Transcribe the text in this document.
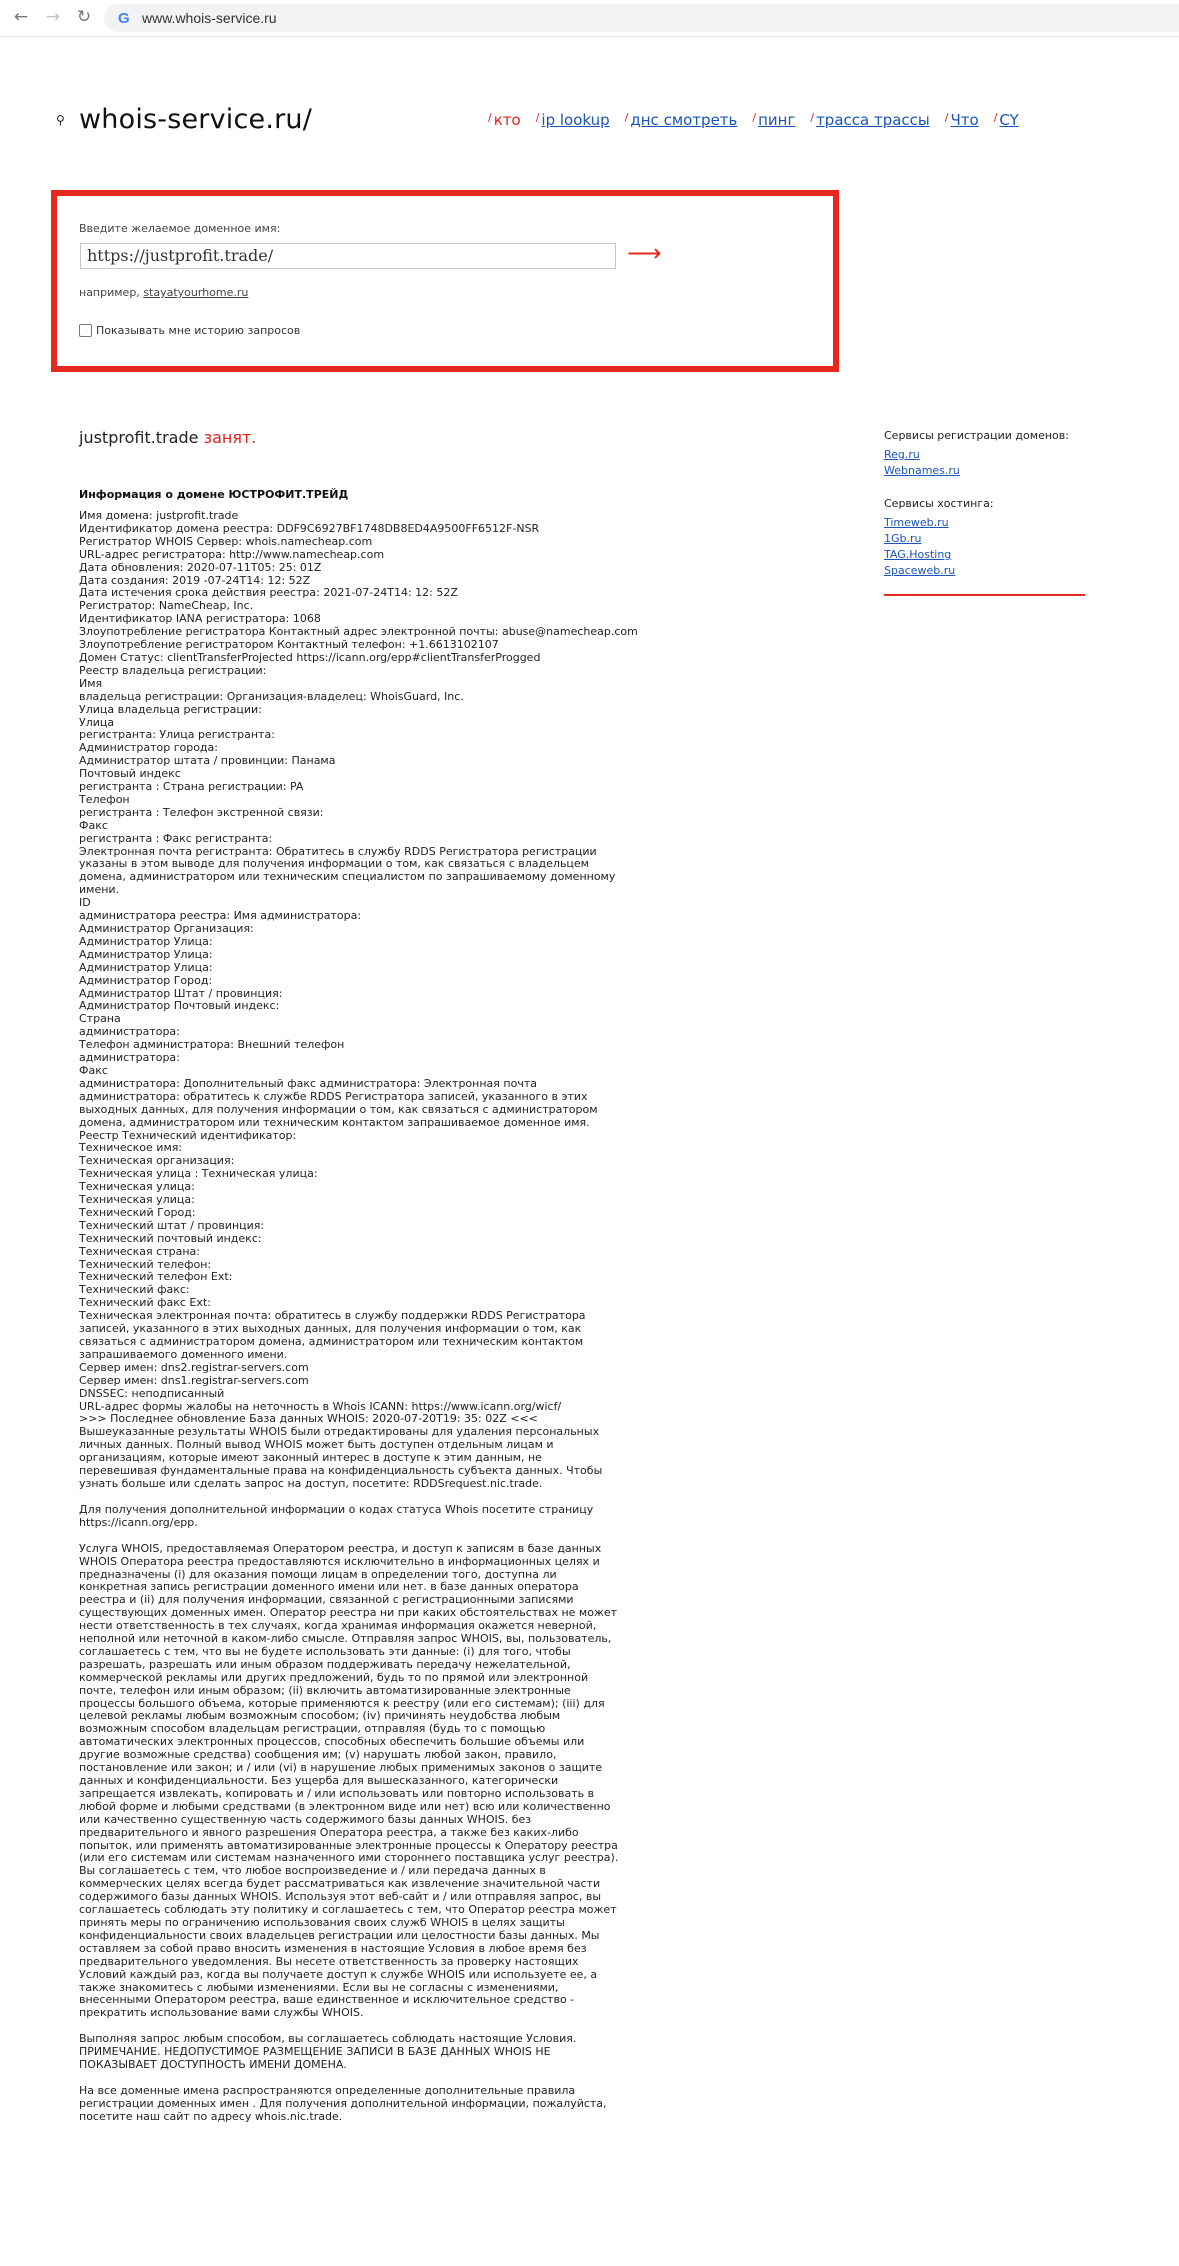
← → ↻ G www.whois-service.ru
⚲ whois-service.ru/	/ кто / ip lookup / днс смотреть / пинг / трасса трассы / Что / CY
Введите желаемое доменное имя:
https://justprofit.trade/	⟶
например, stayatyourhome.ru
Показывать мне историю запросов
justprofit.trade занят.
Информация о домене ЮСТРОФИТ.ТРЕЙД
Имя домена: justprofit.trade
Идентификатор домена реестра: DDF9C6927BF1748DB8ED4A9500FF6512F-NSR
Регистратор WHOIS Сервер: whois.namecheap.com
URL-адрес регистратора: http://www.namecheap.com
Дата обновления: 2020-07-11T05: 25: 01Z
Дата создания: 2019 -07-24T14: 12: 52Z
Дата истечения срока действия реестра: 2021-07-24T14: 12: 52Z
Регистратор: NameCheap, Inc.
Идентификатор IANA регистратора: 1068
Злоупотребление регистратора Контактный адрес электронной почты: abuse@namecheap.com
Злоупотребление регистратором Контактный телефон: +1.6613102107
Домен Статус: clientTransferProjected https://icann.org/epp#clientTransferProgged
Реестр владельца регистрации:
Имя
владельца регистрации: Организация-владелец: WhoisGuard, Inc.
Улица владельца регистрации:
Улица
регистранта: Улица регистранта:
Администратор города:
Администратор штата / провинции: Панама
Почтовый индекс
регистранта : Страна регистрации: PA
Телефон
регистранта : Телефон экстренной связи:
Факс
регистранта : Факс регистранта:
Электронная почта регистранта: Обратитесь в службу RDDS Регистратора регистрации указаны в этом выводе для получения информации о том, как связаться с владельцем домена, администратором или техническим специалистом по запрашиваемому доменному имени.
ID
администратора реестра: Имя администратора:
Администратор Организация:
Администратор Улица:
Администратор Улица:
Администратор Улица:
Администратор Город:
Администратор Штат / провинция:
Администратор Почтовый индекс:
Страна
администратора:
Телефон администратора: Внешний телефон
администратора:
Факс
администратора: Дополнительный факс администратора: Электронная почта администратора: обратитесь к службе RDDS Регистратора записей, указанного в этих выходных данных, для получения информации о том, как связаться с администратором домена, администратором или техническим контактом запрашиваемое доменное имя.
Реестр Технический идентификатор:
Техническое имя:
Техническая организация:
Техническая улица : Техническая улица:
Техническая улица:
Техническая улица:
Технический Город:
Технический штат / провинция:
Технический почтовый индекс:
Техническая страна:
Технический телефон:
Технический телефон Ext:
Технический факс:
Технический факс Ext:
Техническая электронная почта: обратитесь в службу поддержки RDDS Регистратора записей, указанного в этих выходных данных, для получения информации о том, как связаться с администратором домена, администратором или техническим контактом запрашиваемого доменного имени.
Сервер имен: dns2.registrar-servers.com
Сервер имен: dns1.registrar-servers.com
DNSSEC: неподписанный
URL-адрес формы жалобы на неточность в Whois ICANN: https://www.icann.org/wicf/
>>> Последнее обновление База данных WHOIS: 2020-07-20T19: 35: 02Z <<<
Вышеуказанные результаты WHOIS были отредактированы для удаления персональных личных данных. Полный вывод WHOIS может быть доступен отдельным лицам и организациям, которые имеют законный интерес в доступе к этим данным, не перевешивая фундаментальные права на конфиденциальность субъекта данных. Чтобы узнать больше или сделать запрос на доступ, посетите: RDDSrequest.nic.trade.
Для получения дополнительной информации о кодах статуса Whois посетите страницу https://icann.org/epp.
Услуга WHOIS, предоставляемая Оператором реестра, и доступ к записям в базе данных WHOIS Оператора реестра предоставляются исключительно в информационных целях и предназначены (i) для оказания помощи лицам в определении того, доступна ли конкретная запись регистрации доменного имени или нет. в базе данных оператора реестра и (ii) для получения информации, связанной с регистрационными записями существующих доменных имен. Оператор реестра ни при каких обстоятельствах не может нести ответственность в тех случаях, когда хранимая информация окажется неверной, неполной или неточной в каком-либо смысле. Отправляя запрос WHOIS, вы, пользователь, соглашаетесь с тем, что вы не будете использовать эти данные: (i) для того, чтобы разрешать, разрешать или иным образом поддерживать передачу нежелательной, коммерческой рекламы или других предложений, будь то по прямой или электронной почте, телефон или иным образом; (ii) включить автоматизированные электронные процессы большого объема, которые применяются к реестру (или его системам); (iii) для целевой рекламы любым возможным способом; (iv) причинять неудобства любым возможным способом владельцам регистрации, отправляя (будь то с помощью автоматических электронных процессов, способных обеспечить большие объемы или другие возможные средства) сообщения им; (v) нарушать любой закон, правило, постановление или закон; и / или (vi) в нарушение любых применимых законов о защите данных и конфиденциальности. Без ущерба для вышесказанного, категорически запрещается извлекать, копировать и / или использовать или повторно использовать в любой форме и любыми средствами (в электронном виде или нет) всю или количественно или качественно существенную часть содержимого базы данных WHOIS. без предварительного и явного разрешения Оператора реестра, а также без каких-либо попыток, или применять автоматизированные электронные процессы к Оператору реестра (или его системам или системам назначенного ими стороннего поставщика услуг реестра). Вы соглашаетесь с тем, что любое воспроизведение и / или передача данных в коммерческих целях всегда будет рассматриваться как извлечение значительной части содержимого базы данных WHOIS. Используя этот веб-сайт и / или отправляя запрос, вы соглашаетесь соблюдать эту политику и соглашаетесь с тем, что Оператор реестра может принять меры по ограничению использования своих служб WHOIS в целях защиты конфиденциальности своих владельцев регистрации или целостности базы данных. Мы оставляем за собой право вносить изменения в настоящие Условия в любое время без предварительного уведомления. Вы несете ответственность за проверку настоящих Условий каждый раз, когда вы получаете доступ к службе WHOIS или используете ее, а также знакомитесь с любыми изменениями. Если вы не согласны с изменениями, внесенными Оператором реестра, ваше единственное и исключительное средство - прекратить использование вами службы WHOIS.
Выполняя запрос любым способом, вы соглашаетесь соблюдать настоящие Условия. ПРИМЕЧАНИЕ. НЕДОПУСТИМОЕ РАЗМЕЩЕНИЕ ЗАПИСИ В БАЗЕ ДАННЫХ WHOIS НЕ ПОКАЗЫВАЕТ ДОСТУПНОСТЬ ИМЕНИ ДОМЕНА.
На все доменные имена распространяются определенные дополнительные правила регистрации доменных имен . Для получения дополнительной информации, пожалуйста, посетите наш сайт по адресу whois.nic.trade.
Сервисы регистрации доменов:
Reg.ru
Webnames.ru
Сервисы хостинга:
Timeweb.ru
1Gb.ru
TAG.Hosting
Spaceweb.ru
